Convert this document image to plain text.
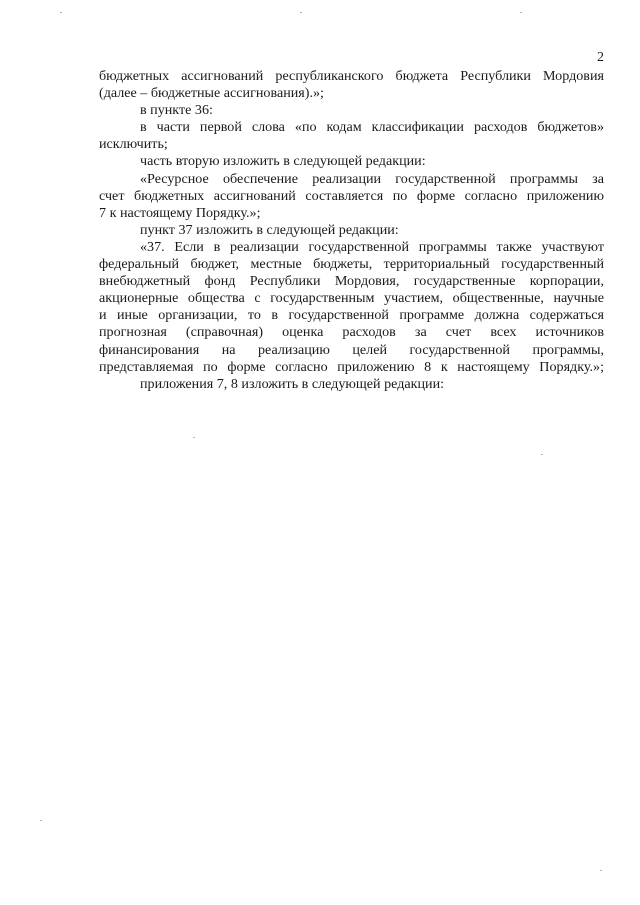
2
бюджетных ассигнований республиканского бюджета Республики Мордовия
(далее – бюджетные ассигнования).»;
в пункте 36:
в части первой слова «по кодам классификации расходов бюджетов»
исключить;
часть вторую изложить в следующей редакции:
«Ресурсное обеспечение реализации государственной программы за
счет бюджетных ассигнований составляется по форме согласно приложению
7 к настоящему Порядку.»;
пункт 37 изложить в следующей редакции:
«37. Если в реализации государственной программы также участвуют
федеральный бюджет, местные бюджеты, территориальный государственный
внебюджетный фонд Республики Мордовия, государственные корпорации,
акционерные общества с государственным участием, общественные, научные
и иные организации, то в государственной программе должна содержаться
прогнозная (справочная) оценка расходов за счет всех источников
финансирования на реализацию целей государственной программы,
представляемая по форме согласно приложению 8 к настоящему Порядку.»;
приложения 7, 8 изложить в следующей редакции:
